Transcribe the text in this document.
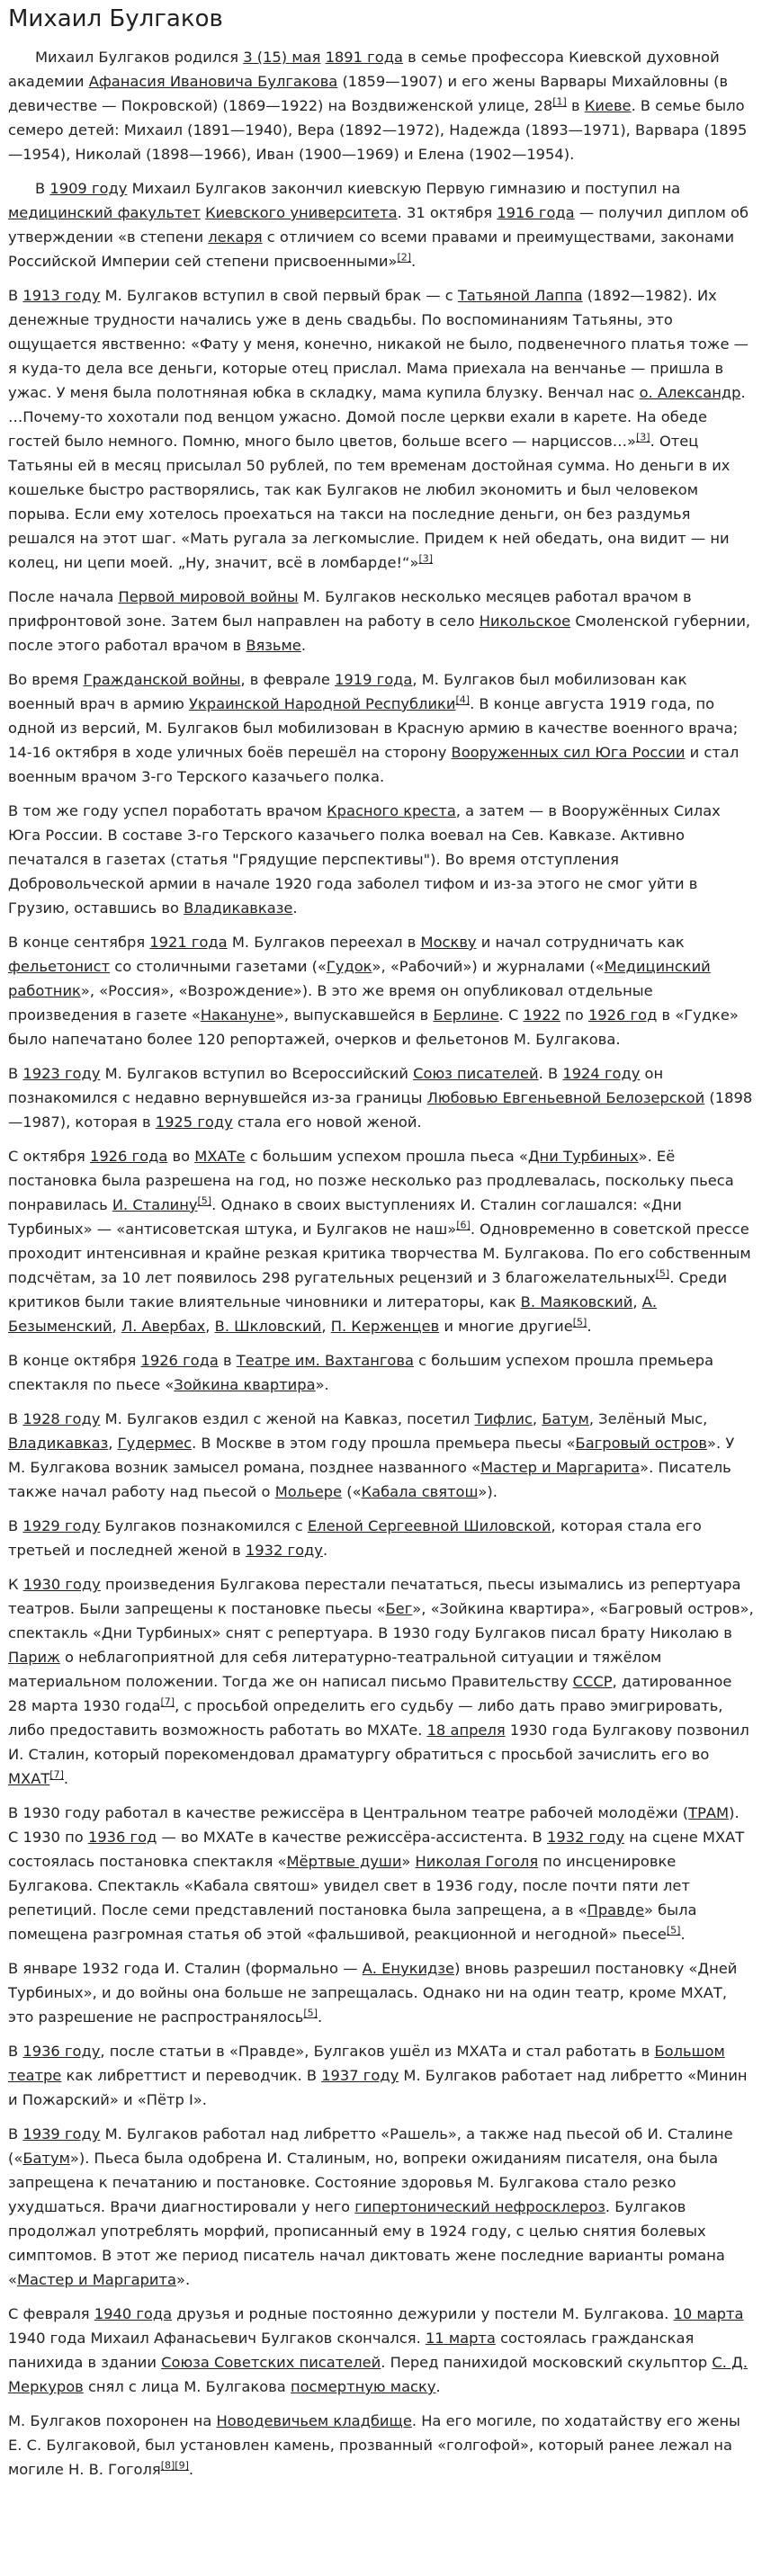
Михаил Булгаков

Михаил Булгаков родился 3 (15) мая 1891 года в семье профессора Киевской духовной академии Афанасия Ивановича Булгакова (1859—1907) и его жены Варвары Михайловны (в девичестве — Покровской) (1869—1922) на Воздвиженской улице, 28[1] в Киеве. В семье было семеро детей: Михаил (1891—1940), Вера (1892—1972), Надежда (1893—1971), Варвара (1895—1954), Николай (1898—1966), Иван (1900—1969) и Елена (1902—1954).

В 1909 году Михаил Булгаков закончил киевскую Первую гимназию и поступил на медицинский факультет Киевского университета. 31 октября 1916 года — получил диплом об утверждении «в степени лекаря с отличием со всеми правами и преимуществами, законами Российской Империи сей степени присвоенными»[2].

В 1913 году М. Булгаков вступил в свой первый брак — с Татьяной Лаппа (1892—1982). Их денежные трудности начались уже в день свадьбы. По воспоминаниям Татьяны, это ощущается явственно: «Фату у меня, конечно, никакой не было, подвенечного платья тоже — я куда-то дела все деньги, которые отец прислал. Мама приехала на венчанье — пришла в ужас. У меня была полотняная юбка в складку, мама купила блузку. Венчал нас о. Александр. …Почему-то хохотали под венцом ужасно. Домой после церкви ехали в карете. На обеде гостей было немного. Помню, много было цветов, больше всего — нарциссов…»[3]. Отец Татьяны ей в месяц присылал 50 рублей, по тем временам достойная сумма. Но деньги в их кошельке быстро растворялись, так как Булгаков не любил экономить и был человеком порыва. Если ему хотелось проехаться на такси на последние деньги, он без раздумья решался на этот шаг. «Мать ругала за легкомыслие. Придем к ней обедать, она видит — ни колец, ни цепи моей. „Ну, значит, всё в ломбарде!“»[3]

После начала Первой мировой войны М. Булгаков несколько месяцев работал врачом в прифронтовой зоне. Затем был направлен на работу в село Никольское Смоленской губернии, после этого работал врачом в Вязьме.

Во время Гражданской войны, в феврале 1919 года, М. Булгаков был мобилизован как военный врач в армию Украинской Народной Республики[4]. В конце августа 1919 года, по одной из версий, М. Булгаков был мобилизован в Красную армию в качестве военного врача; 14-16 октября в ходе уличных боёв перешёл на сторону Вооруженных сил Юга России и стал военным врачом 3-го Терского казачьего полка.

В том же году успел поработать врачом Красного креста, а затем — в Вооружённых Силах Юга России. В составе 3-го Терского казачьего полка воевал на Сев. Кавказе. Активно печатался в газетах (статья "Грядущие перспективы"). Во время отступления Добровольческой армии в начале 1920 года заболел тифом и из-за этого не смог уйти в Грузию, оставшись во Владикавказе.

В конце сентября 1921 года М. Булгаков переехал в Москву и начал сотрудничать как фельетонист со столичными газетами («Гудок», «Рабочий») и журналами («Медицинский работник», «Россия», «Возрождение»). В это же время он опубликовал отдельные произведения в газете «Накануне», выпускавшейся в Берлине. С 1922 по 1926 год в «Гудке» было напечатано более 120 репортажей, очерков и фельетонов М. Булгакова.

В 1923 году М. Булгаков вступил во Всероссийский Союз писателей. В 1924 году он познакомился с недавно вернувшейся из-за границы Любовью Евгеньевной Белозерской (1898—1987), которая в 1925 году стала его новой женой.

С октября 1926 года во МХАТе с большим успехом прошла пьеса «Дни Турбиных». Её постановка была разрешена на год, но позже несколько раз продлевалась, поскольку пьеса понравилась И. Сталину[5]. Однако в своих выступлениях И. Сталин соглашался: «Дни Турбиных» — «антисоветская штука, и Булгаков не наш»[6]. Одновременно в советской прессе проходит интенсивная и крайне резкая критика творчества М. Булгакова. По его собственным подсчётам, за 10 лет появилось 298 ругательных рецензий и 3 благожелательных[5]. Среди критиков были такие влиятельные чиновники и литераторы, как В. Маяковский, А. Безыменский, Л. Авербах, В. Шкловский, П. Керженцев и многие другие[5].

В конце октября 1926 года в Театре им. Вахтангова с большим успехом прошла премьера спектакля по пьесе «Зойкина квартира».

В 1928 году М. Булгаков ездил с женой на Кавказ, посетил Тифлис, Батум, Зелёный Мыс, Владикавказ, Гудермес. В Москве в этом году прошла премьера пьесы «Багровый остров». У М. Булгакова возник замысел романа, позднее названного «Мастер и Маргарита». Писатель также начал работу над пьесой о Мольере («Кабала святош»).

В 1929 году Булгаков познакомился с Еленой Сергеевной Шиловской, которая стала его третьей и последней женой в 1932 году.

К 1930 году произведения Булгакова перестали печататься, пьесы изымались из репертуара театров. Были запрещены к постановке пьесы «Бег», «Зойкина квартира», «Багровый остров», спектакль «Дни Турбиных» снят с репертуара. В 1930 году Булгаков писал брату Николаю в Париж о неблагоприятной для себя литературно-театральной ситуации и тяжёлом материальном положении. Тогда же он написал письмо Правительству СССР, датированное 28 марта 1930 года[7], с просьбой определить его судьбу — либо дать право эмигрировать, либо предоставить возможность работать во МХАТе. 18 апреля 1930 года Булгакову позвонил И. Сталин, который порекомендовал драматургу обратиться с просьбой зачислить его во МХАТ[7].

В 1930 году работал в качестве режиссёра в Центральном театре рабочей молодёжи (ТРАМ). С 1930 по 1936 год — во МХАТе в качестве режиссёра-ассистента. В 1932 году на сцене МХАТ состоялась постановка спектакля «Мёртвые души» Николая Гоголя по инсценировке Булгакова. Спектакль «Кабала святош» увидел свет в 1936 году, после почти пяти лет репетиций. После семи представлений постановка была запрещена, а в «Правде» была помещена разгромная статья об этой «фальшивой, реакционной и негодной» пьесе[5].

В январе 1932 года И. Сталин (формально — А. Енукидзе) вновь разрешил постановку «Дней Турбиных», и до войны она больше не запрещалась. Однако ни на один театр, кроме МХАТ, это разрешение не распространялось[5].

В 1936 году, после статьи в «Правде», Булгаков ушёл из МХАТа и стал работать в Большом театре как либреттист и переводчик. В 1937 году М. Булгаков работает над либретто «Минин и Пожарский» и «Пётр I».

В 1939 году М. Булгаков работал над либретто «Рашель», а также над пьесой об И. Сталине («Батум»). Пьеса была одобрена И. Сталиным, но, вопреки ожиданиям писателя, она была запрещена к печатанию и постановке. Состояние здоровья М. Булгакова стало резко ухудшаться. Врачи диагностировали у него гипертонический нефросклероз. Булгаков продолжал употреблять морфий, прописанный ему в 1924 году, с целью снятия болевых симптомов. В этот же период писатель начал диктовать жене последние варианты романа «Мастер и Маргарита».

С февраля 1940 года друзья и родные постоянно дежурили у постели М. Булгакова. 10 марта 1940 года Михаил Афанасьевич Булгаков скончался. 11 марта состоялась гражданская панихида в здании Союза Советских писателей. Перед панихидой московский скульптор С. Д. Меркуров снял с лица М. Булгакова посмертную маску.

М. Булгаков похоронен на Новодевичьем кладбище. На его могиле, по ходатайству его жены Е. С. Булгаковой, был установлен камень, прозванный «голгофой», который ранее лежал на могиле Н. В. Гоголя[8][9].
